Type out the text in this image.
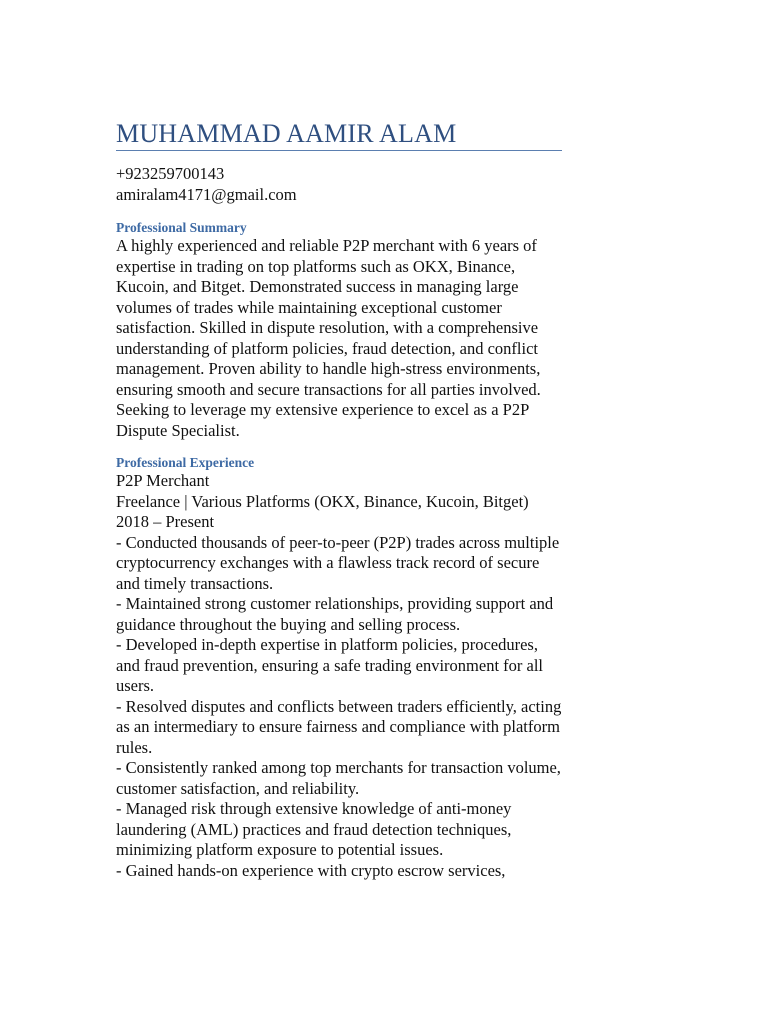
MUHAMMAD AAMIR ALAM
+923259700143
amiralam4171@gmail.com
Professional Summary

A highly experienced and reliable P2P merchant with 6 years of expertise in trading on top platforms such as OKX, Binance, Kucoin, and Bitget. Demonstrated success in managing large volumes of trades while maintaining exceptional customer satisfaction. Skilled in dispute resolution, with a comprehensive understanding of platform policies, fraud detection, and conflict management. Proven ability to handle high-stress environments, ensuring smooth and secure transactions for all parties involved. Seeking to leverage my extensive experience to excel as a P2P Dispute Specialist.

Professional Experience
P2P Merchant
Freelance | Various Platforms (OKX, Binance, Kucoin, Bitget)
2018 – Present

- Conducted thousands of peer-to-peer (P2P) trades across multiple cryptocurrency exchanges with a flawless track record of secure and timely transactions.

- Maintained strong customer relationships, providing support and guidance throughout the buying and selling process.

- Developed in-depth expertise in platform policies, procedures, and fraud prevention, ensuring a safe trading environment for all users.

- Resolved disputes and conflicts between traders efficiently, acting as an intermediary to ensure fairness and compliance with platform rules.

- Consistently ranked among top merchants for transaction volume, customer satisfaction, and reliability.

- Managed risk through extensive knowledge of anti-money laundering (AML) practices and fraud detection techniques, minimizing platform exposure to potential issues.

- Gained hands-on experience with crypto escrow services,
